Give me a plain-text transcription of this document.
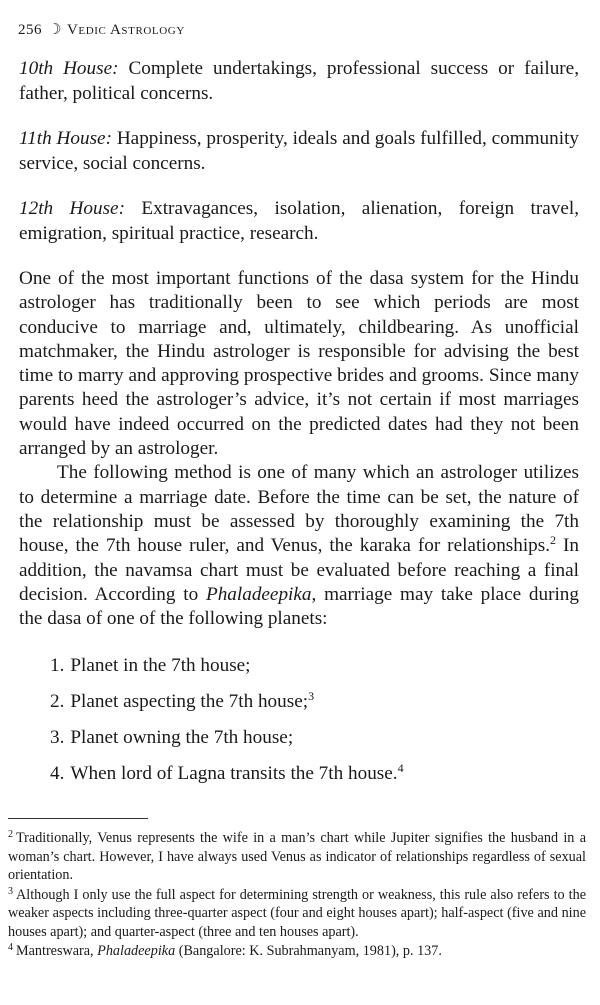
256 ☽ Vedic Astrology

10th House: Complete undertakings, professional success or failure, father, political concerns.

11th House: Happiness, prosperity, ideals and goals fulfilled, community service, social concerns.

12th House: Extravagances, isolation, alienation, foreign travel, emigration, spiritual practice, research.

One of the most important functions of the dasa system for the Hindu astrologer has traditionally been to see which periods are most conducive to marriage and, ultimately, childbearing. As unofficial matchmaker, the Hindu astrologer is responsible for advising the best time to marry and approving prospective brides and grooms. Since many parents heed the astrologer’s advice, it’s not certain if most marriages would have indeed occurred on the predicted dates had they not been arranged by an astrologer.

The following method is one of many which an astrologer utilizes to determine a marriage date. Before the time can be set, the nature of the relationship must be assessed by thoroughly examining the 7th house, the 7th house ruler, and Venus, the karaka for relationships.$^2$ In addition, the navamsa chart must be evaluated before reaching a final decision. According to Phaladeepika, marriage may take place during the dasa of one of the following planets:

1. Planet in the 7th house;
2. Planet aspecting the 7th house;$^3$
3. Planet owning the 7th house;
4. When lord of Lagna transits the 7th house.$^4$

$^2$ Traditionally, Venus represents the wife in a man’s chart while Jupiter signifies the husband in a woman’s chart. However, I have always used Venus as indicator of relationships regardless of sexual orientation.

$^3$ Although I only use the full aspect for determining strength or weakness, this rule also refers to the weaker aspects including three-quarter aspect (four and eight houses apart); half-aspect (five and nine houses apart); and quarter-aspect (three and ten houses apart).

$^4$ Mantreswara, Phaladeepika (Bangalore: K. Subrahmanyam, 1981), p. 137.
